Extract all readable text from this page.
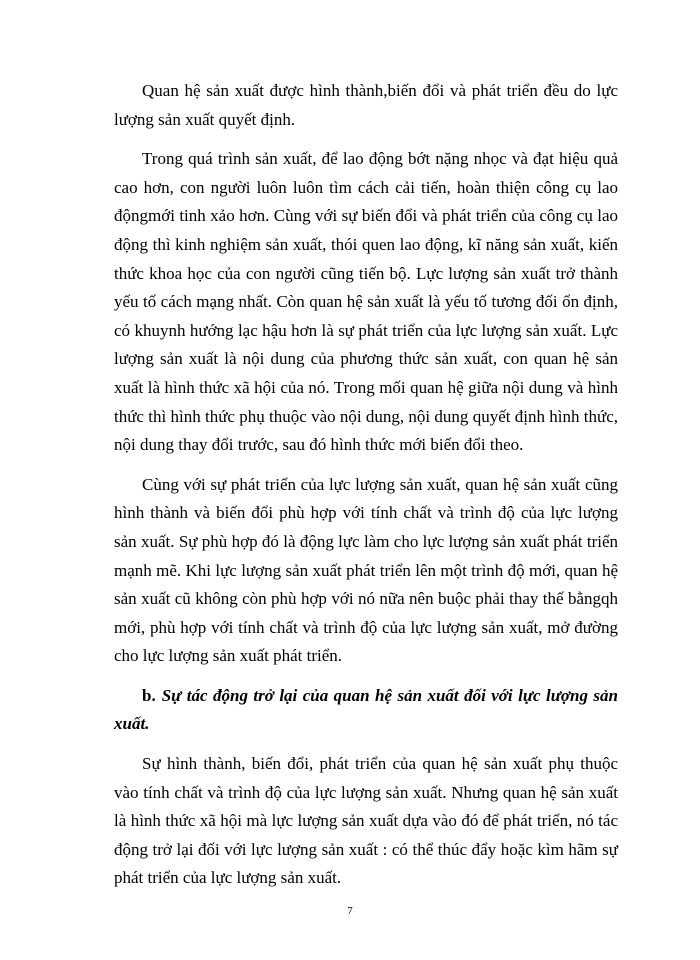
Quan hệ sản xuất được hình thành,biến đổi và phát triển đều do lực lượng sản xuất quyết định.

Trong quá trình sản xuất, để lao động bớt nặng nhọc và đạt hiệu quả cao hơn, con người luôn luôn tìm cách cải tiến, hoàn thiện công cụ lao độngmới tinh xảo hơn. Cùng với sự biến đổi và phát triển của công cụ lao động thì kinh nghiệm sản xuất, thói quen lao động, kĩ năng sản xuất, kiến thức khoa học của con người cũng tiến bộ. Lực lượng sản xuất trở thành yếu tố cách mạng nhất. Còn quan hệ sản xuất là yếu tố tương đối ổn định, có khuynh hướng lạc hậu hơn là sự phát triển của lực lượng sản xuất. Lực lượng sản xuất là nội dung của phương thức sản xuất, con quan hệ sản xuất là hình thức xã hội của nó. Trong mối quan hệ giữa nội dung và hình thức thì hình thức phụ thuộc vào nội dung, nội dung quyết định hình thức, nội dung thay đổi trước, sau đó hình thức mới biến đổi theo.

Cùng với sự phát triển của lực lượng sản xuất, quan hệ sản xuất cũng hình thành và biến đổi phù hợp với tính chất và trình độ của lực lượng sản xuất. Sự phù hợp đó là động lực làm cho lực lượng sản xuất phát triển mạnh mẽ. Khi lực lượng sản xuất phát triển lên một trình độ mới, quan hệ sản xuất cũ không còn phù hợp với nó nữa nên buộc phải thay thế bằngqh mới, phù hợp với tính chất và trình độ của lực lượng sản xuất, mở đường cho lực lượng sản xuất phát triển.

b. Sự tác động trở lại của quan hệ sản xuất đối với lực lượng sản xuất.

Sự hình thành, biến đổi, phát triển của quan hệ sản xuất phụ thuộc vào tính chất và trình độ của lực lượng sản xuất. Nhưng quan hệ sản xuất là hình thức xã hội mà lực lượng sản xuất dựa vào đó để phát triển, nó tác động trở lại đối với lực lượng sản xuất : có thể thúc đẩy hoặc kìm hãm sự phát triển của lực lượng sản xuất.

7
